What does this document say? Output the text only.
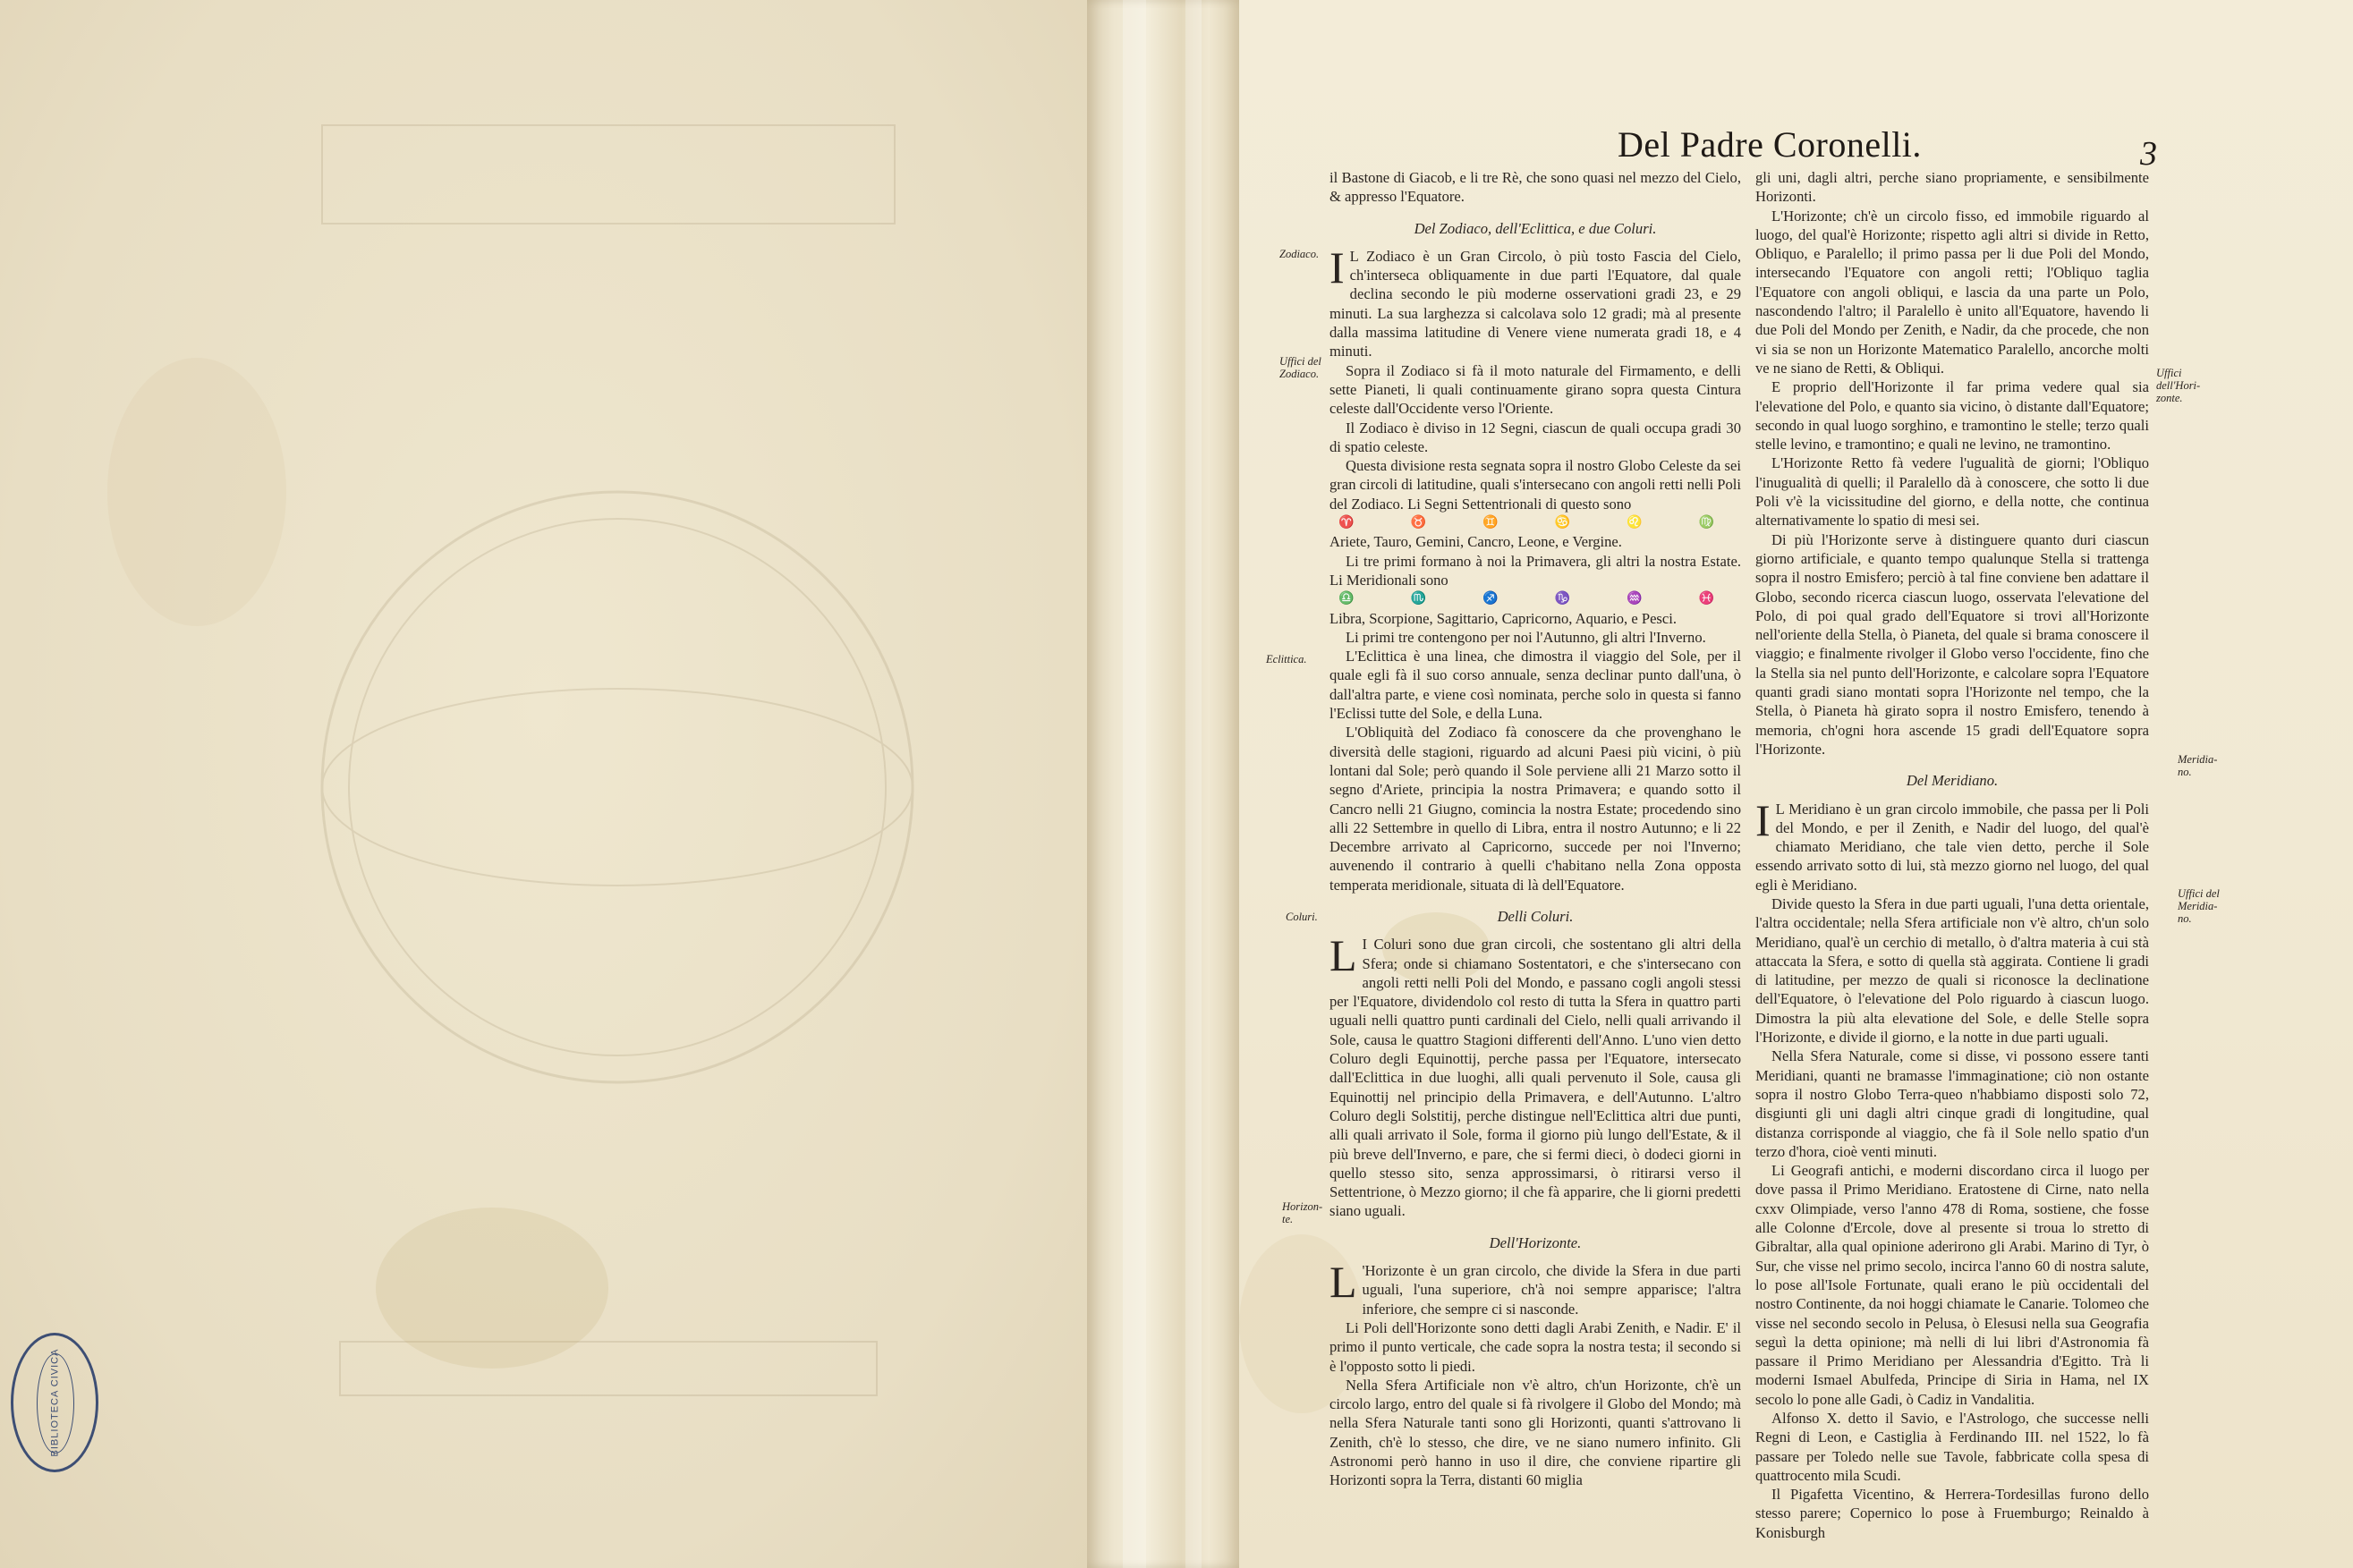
BIBLIOTECA CIVICA
Del Padre Coronelli.	3
Zodiaco.
Uffici del Zodiaco.
Eclittica.
Coluri.
Horizon-te.
Uffici dell'Hori-zonte.
Meridia-no.
Uffici del Meridia-no.

il Bastone di Giacob, e li tre Rè, che sono quasi nel mezzo del Cielo, & appresso l'Equatore.

Del Zodiaco, dell'Eclittica, e due Coluri.

I L Zodiaco è un Gran Circolo, ò più tosto Fascia del Cielo, ch'interseca obliquamente in due parti l'Equatore, dal quale declina secondo le più moderne osservationi gradi 23, e 29 minuti. La sua larghezza si calcolava solo 12 gradi; mà al presente dalla massima latitudine di Venere viene numerata gradi 18, e 4 minuti.

Sopra il Zodiaco si fà il moto naturale del Firmamento, e delli sette Pianeti, li quali continuamente girano sopra questa Cintura celeste dall'Occidente verso l'Oriente.

Il Zodiaco è diviso in 12 Segni, ciascun de quali occupa gradi 30 di spatio celeste.

Questa divisione resta segnata sopra il nostro Globo Celeste da sei gran circoli di latitudine, quali s'intersecano con angoli retti nelli Poli del Zodiaco. Li Segni Settentrionali di questo sono

♈	♉	♊	♋	♌	♍

Ariete, Tauro, Gemini, Cancro, Leone, e Vergine.

Li tre primi formano à noi la Primavera, gli altri la nostra Estate. Li Meridionali sono

♎	♏	♐	♑	♒	♓

Libra, Scorpione, Sagittario, Capricorno, Aquario, e Pesci.

Li primi tre contengono per noi l'Autunno, gli altri l'Inverno.

L'Eclittica è una linea, che dimostra il viaggio del Sole, per il quale egli fà il suo corso annuale, senza declinar punto dall'una, ò dall'altra parte, e viene così nominata, perche solo in questa si fanno l'Eclissi tutte del Sole, e della Luna.

L'Obliquità del Zodiaco fà conoscere da che provenghano le diversità delle stagioni, riguardo ad alcuni Paesi più vicini, ò più lontani dal Sole; però quando il Sole perviene alli 21 Marzo sotto il segno d'Ariete, principia la nostra Primavera; e quando sotto il Cancro nelli 21 Giugno, comincia la nostra Estate; procedendo sino alli 22 Settembre in quello di Libra, entra il nostro Autunno; e li 22 Decembre arrivato al Capricorno, succede per noi l'Inverno; auvenendo il contrario à quelli c'habitano nella Zona opposta temperata meridionale, situata di là dell'Equatore.

Delli Coluri.

L I Coluri sono due gran circoli, che sostentano gli altri della Sfera; onde si chiamano Sostentatori, e che s'intersecano con angoli retti nelli Poli del Mondo, e passano cogli angoli stessi per l'Equatore, dividendolo col resto di tutta la Sfera in quattro parti uguali nelli quattro punti cardinali del Cielo, nelli quali arrivando il Sole, causa le quattro Stagioni differenti dell'Anno. L'uno vien detto Coluro degli Equinottij, perche passa per l'Equatore, intersecato dall'Eclittica in due luoghi, alli quali pervenuto il Sole, causa gli Equinottij nel principio della Primavera, e dell'Autunno. L'altro Coluro degli Solstitij, perche distingue nell'Eclittica altri due punti, alli quali arrivato il Sole, forma il giorno più lungo dell'Estate, & il più breve dell'Inverno, e pare, che si fermi dieci, ò dodeci giorni in quello stesso sito, senza approssimarsi, ò ritirarsi verso il Settentrione, ò Mezzo giorno; il che fà apparire, che li giorni predetti siano uguali.

Dell'Horizonte.

L 'Horizonte è un gran circolo, che divide la Sfera in due parti uguali, l'una superiore, ch'à noi sempre apparisce; l'altra inferiore, che sempre ci si nasconde.

Li Poli dell'Horizonte sono detti dagli Arabi Zenith, e Nadir. E' il primo il punto verticale, che cade sopra la nostra testa; il secondo si è l'opposto sotto li piedi.

Nella Sfera Artificiale non v'è altro, ch'un Horizonte, ch'è un circolo largo, entro del quale si fà rivolgere il Globo del Mondo; mà nella Sfera Naturale tanti sono gli Horizonti, quanti s'attrovano li Zenith, ch'è lo stesso, che dire, ve ne siano numero infinito. Gli Astronomi però hanno in uso il dire, che conviene ripartire gli Horizonti sopra la Terra, distanti 60 miglia

gli uni, dagli altri, perche siano propriamente, e sensibilmente Horizonti.

L'Horizonte; ch'è un circolo fisso, ed immobile riguardo al luogo, del qual'è Horizonte; rispetto agli altri si divide in Retto, Obliquo, e Paralello; il primo passa per li due Poli del Mondo, intersecando l'Equatore con angoli retti; l'Obliquo taglia l'Equatore con angoli obliqui, e lascia da una parte un Polo, nascondendo l'altro; il Paralello è unito all'Equatore, havendo li due Poli del Mondo per Zenith, e Nadir, da che procede, che non vi sia se non un Horizonte Matematico Paralello, ancorche molti ve ne siano de Retti, & Obliqui.

E proprio dell'Horizonte il far prima vedere qual sia l'elevatione del Polo, e quanto sia vicino, ò distante dall'Equatore; secondo in qual luogo sorghino, e tramontino le stelle; terzo quali stelle levino, e tramontino; e quali ne levino, ne tramontino.

L'Horizonte Retto fà vedere l'ugualità de giorni; l'Obliquo l'inugualità di quelli; il Paralello dà à conoscere, che sotto li due Poli v'è la vicissitudine del giorno, e della notte, che continua alternativamente lo spatio di mesi sei.

Di più l'Horizonte serve à distinguere quanto duri ciascun giorno artificiale, e quanto tempo qualunque Stella si trattenga sopra il nostro Emisfero; perciò à tal fine conviene ben adattare il Globo, secondo ricerca ciascun luogo, osservata l'elevatione del Polo, di poi qual grado dell'Equatore si trovi all'Horizonte nell'oriente della Stella, ò Pianeta, del quale si brama conoscere il viaggio; e finalmente rivolger il Globo verso l'occidente, fino che la Stella sia nel punto dell'Horizonte, e calcolare sopra l'Equatore quanti gradi siano montati sopra l'Horizonte nel tempo, che la Stella, ò Pianeta hà girato sopra il nostro Emisfero, tenendo à memoria, ch'ogni hora ascende 15 gradi dell'Equatore sopra l'Horizonte.

Del Meridiano.

I L Meridiano è un gran circolo immobile, che passa per li Poli del Mondo, e per il Zenith, e Nadir del luogo, del qual'è chiamato Meridiano, che tale vien detto, perche il Sole essendo arrivato sotto di lui, stà mezzo giorno nel luogo, del qual egli è Meridiano.

Divide questo la Sfera in due parti uguali, l'una detta orientale, l'altra occidentale; nella Sfera artificiale non v'è altro, ch'un solo Meridiano, qual'è un cerchio di metallo, ò d'altra materia à cui stà attaccata la Sfera, e sotto di quella stà aggirata. Contiene li gradi di latitudine, per mezzo de quali si riconosce la declinatione dell'Equatore, ò l'elevatione del Polo riguardo à ciascun luogo. Dimostra la più alta elevatione del Sole, e delle Stelle sopra l'Horizonte, e divide il giorno, e la notte in due parti uguali.

Nella Sfera Naturale, come si disse, vi possono essere tanti Meridiani, quanti ne bramasse l'immaginatione; ciò non ostante sopra il nostro Globo Terra-queo n'habbiamo disposti solo 72, disgiunti gli uni dagli altri cinque gradi di longitudine, qual distanza corrisponde al viaggio, che fà il Sole nello spatio d'un terzo d'hora, cioè venti minuti.

Li Geografi antichi, e moderni discordano circa il luogo per dove passa il Primo Meridiano. Eratostene di Cirne, nato nella cxxv Olimpiade, verso l'anno 478 di Roma, sostiene, che fosse alle Colonne d'Ercole, dove al presente si troua lo stretto di Gibraltar, alla qual opinione aderirono gli Arabi. Marino di Tyr, ò Sur, che visse nel primo secolo, incirca l'anno 60 di nostra salute, lo pose all'Isole Fortunate, quali erano le più occidentali del nostro Continente, da noi hoggi chiamate le Canarie. Tolomeo che visse nel secondo secolo in Pelusa, ò Elesusi nella sua Geografia seguì la detta opinione; mà nelli di lui libri d'Astronomia fà passare il Primo Meridiano per Alessandria d'Egitto. Trà li moderni Ismael Abulfeda, Principe di Siria in Hama, nel IX secolo lo pone alle Gadi, ò Cadiz in Vandalitia.

Alfonso X. detto il Savio, e l'Astrologo, che successe nelli Regni di Leon, e Castiglia à Ferdinando III. nel 1522, lo fà passare per Toledo nelle sue Tavole, fabbricate colla spesa di quattrocento mila Scudi.

Il Pigafetta Vicentino, & Herrera-Tordesillas furono dello stesso parere; Copernico lo pose à Fruemburgo; Reinaldo à Konisburgh
